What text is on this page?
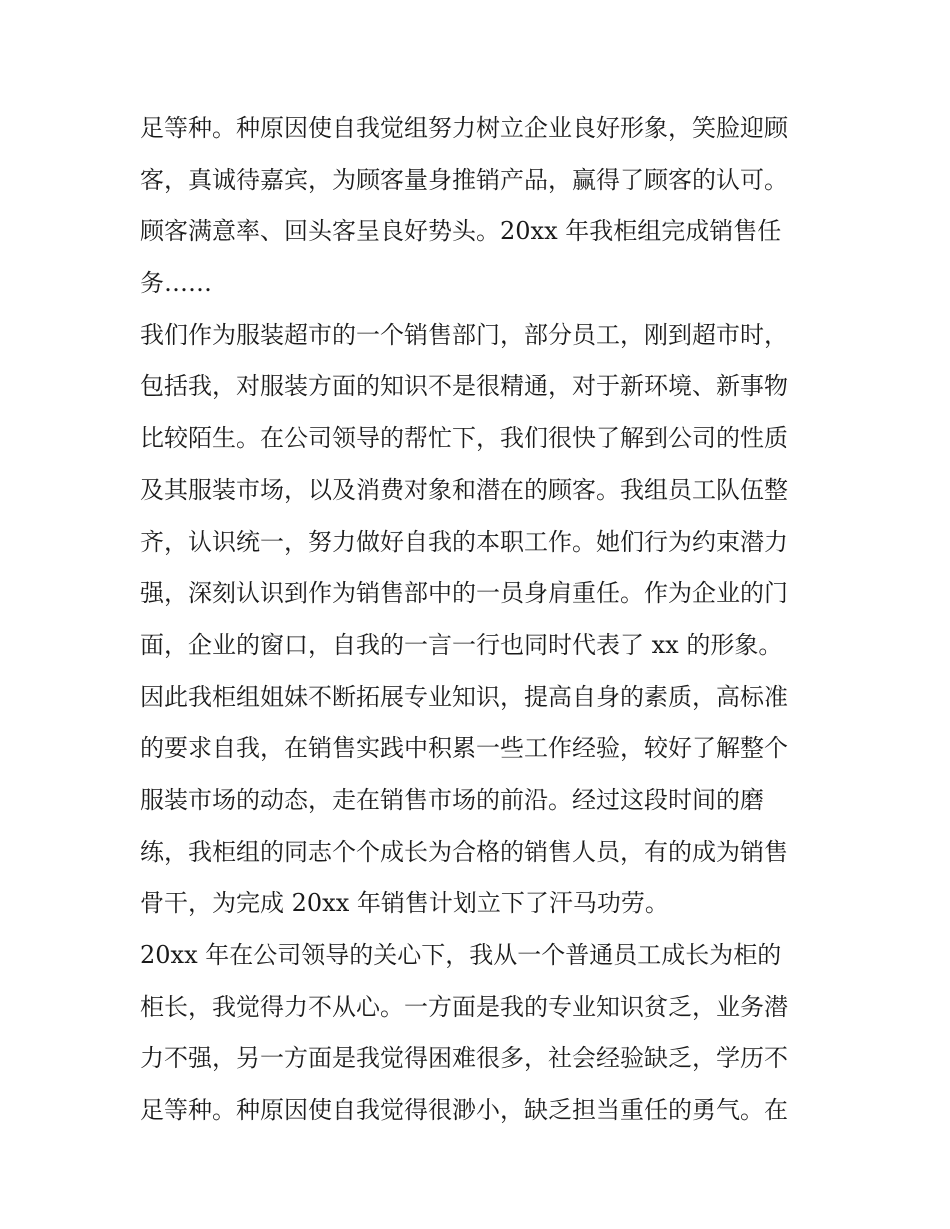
足等种。种原因使自我觉组努力树立企业良好形象，笑脸迎顾
客，真诚待嘉宾，为顾客量身推销产品，赢得了顾客的认可。
顾客满意率、回头客呈良好势头。20xx 年我柜组完成销售任
务……
我们作为服装超市的一个销售部门，部分员工，刚到超市时，
包括我，对服装方面的知识不是很精通，对于新环境、新事物
比较陌生。在公司领导的帮忙下，我们很快了解到公司的性质
及其服装市场，以及消费对象和潜在的顾客。我组员工队伍整
齐，认识统一，努力做好自我的本职工作。她们行为约束潜力
强，深刻认识到作为销售部中的一员身肩重任。作为企业的门
面，企业的窗口，自我的一言一行也同时代表了 xx 的形象。
因此我柜组姐妹不断拓展专业知识，提高自身的素质，高标准
的要求自我，在销售实践中积累一些工作经验，较好了解整个
服装市场的动态，走在销售市场的前沿。经过这段时间的磨
练，我柜组的同志个个成长为合格的销售人员，有的成为销售
骨干，为完成 20xx 年销售计划立下了汗马功劳。
20xx 年在公司领导的关心下，我从一个普通员工成长为柜的
柜长，我觉得力不从心。一方面是我的专业知识贫乏，业务潜
力不强，另一方面是我觉得困难很多，社会经验缺乏，学历不
足等种。种原因使自我觉得很渺小，缺乏担当重任的勇气。在
